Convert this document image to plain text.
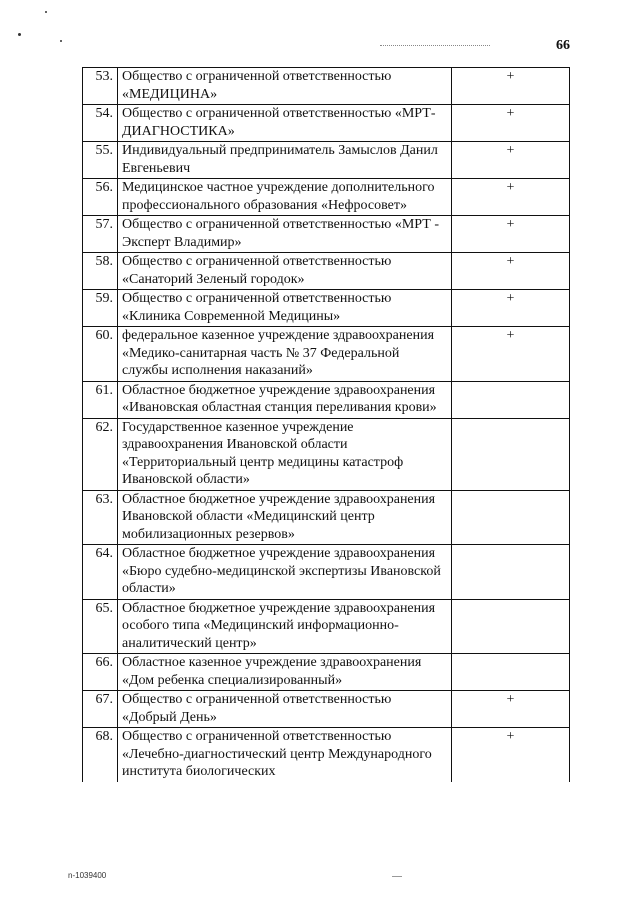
66
53.	Общество с ограниченной ответственностью «МЕДИЦИНА»	+
54.	Общество с ограниченной ответственностью «МРТ-ДИАГНОСТИКА»	+
55.	Индивидуальный предприниматель Замыслов Данил Евгеньевич	+
56.	Медицинское частное учреждение дополнительного профессионального образования «Нефросовет»	+
57.	Общество с ограниченной ответственностью «МРТ - Эксперт Владимир»	+
58.	Общество с ограниченной ответственностью «Санаторий Зеленый городок»	+
59.	Общество с ограниченной ответственностью «Клиника Современной Медицины»	+
60.	федеральное казенное учреждение здравоохранения «Медико-санитарная часть № 37 Федеральной службы исполнения наказаний»	+
61.	Областное бюджетное учреждение здравоохранения «Ивановская областная станция переливания крови»	
62.	Государственное казенное учреждение здравоохранения Ивановской области «Территориальный центр медицины катастроф Ивановской области»	
63.	Областное бюджетное учреждение здравоохранения Ивановской области «Медицинский центр мобилизационных резервов»	
64.	Областное бюджетное учреждение здравоохранения «Бюро судебно-медицинской экспертизы Ивановской области»	
65.	Областное бюджетное учреждение здравоохранения особого типа «Медицинский информационно-аналитический центр»	
66.	Областное казенное учреждение здравоохранения «Дом ребенка специализированный»	
67.	Общество с ограниченной ответственностью «Добрый День»	+
68.	Общество с ограниченной ответственностью «Лечебно-диагностический центр Международного института биологических	+
n-1039400
